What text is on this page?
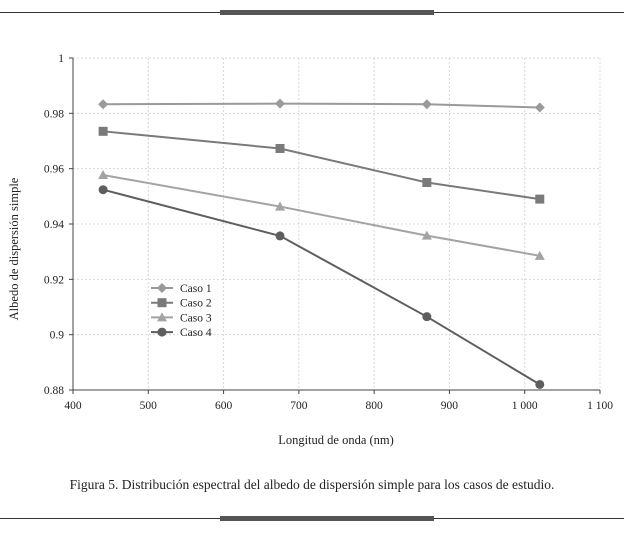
400	500	600	700	800	900	1 000	1 100
0.88
0.9
0.92
0.94
0.96
0.98
1
Caso 1
Caso 2
Caso 3
Caso 4
Longitud de onda (nm)
Albedo de dispersión simple
Figura 5. Distribución espectral del albedo de dispersión simple para los casos de estudio.
